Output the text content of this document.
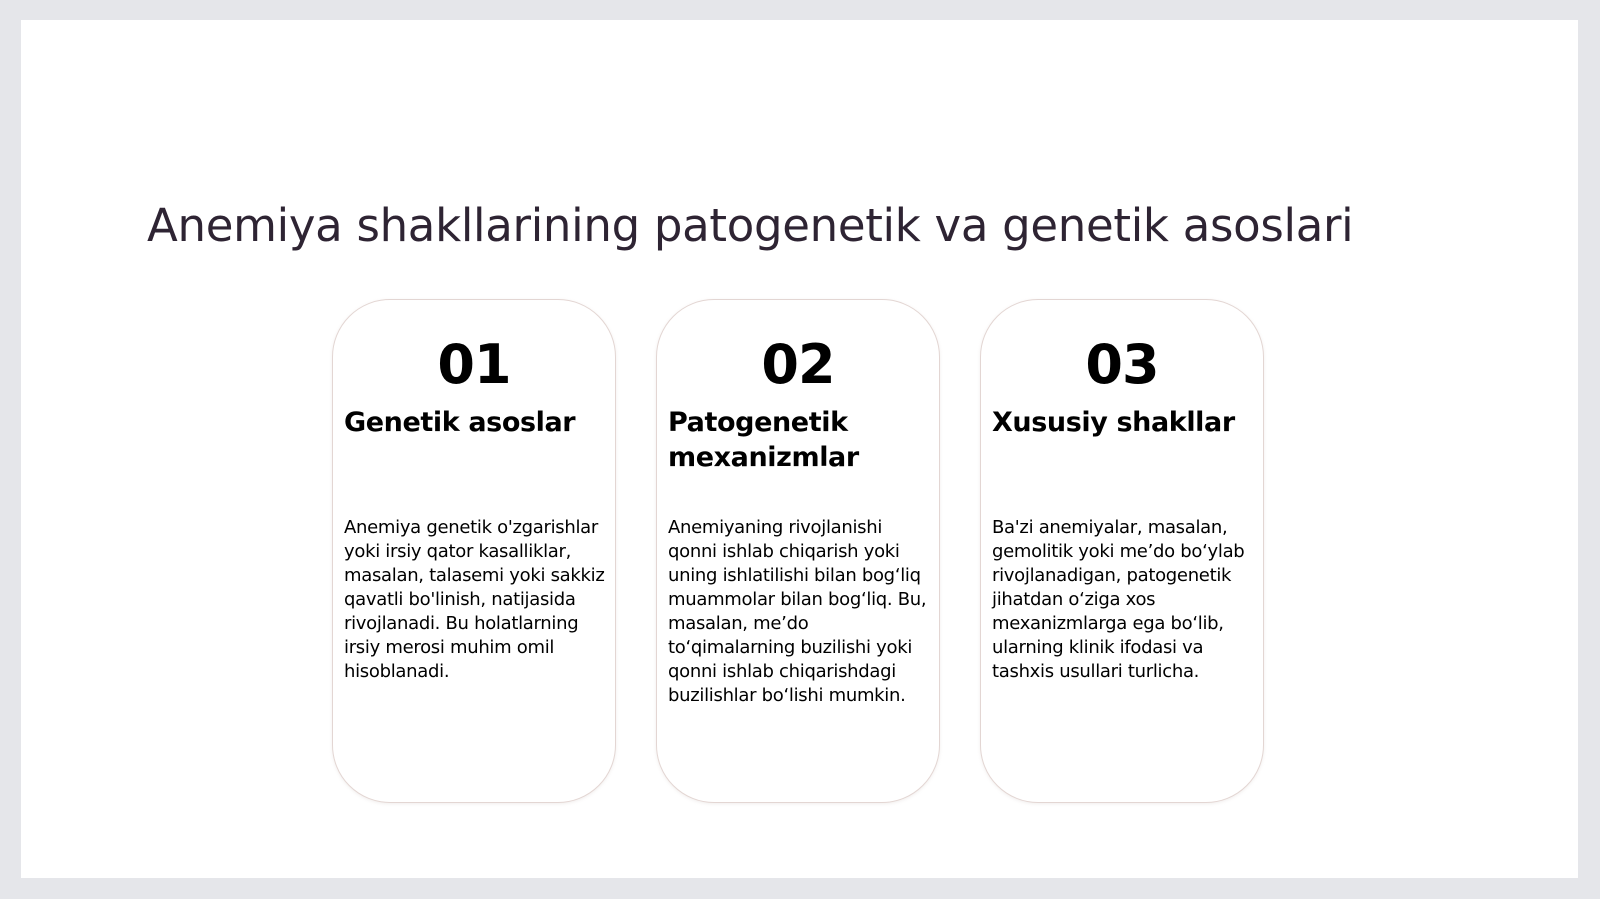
Anemiya shakllarining patogenetik va genetik asoslari
01
Genetik asoslar

Anemiya genetik o'zgarishlar yoki irsiy qator kasalliklar, masalan, talasemi yoki sakkiz qavatli bo'linish, natijasida rivojlanadi. Bu holatlarning irsiy merosi muhim omil hisoblanadi.

02
Patogenetik mexanizmlar

Anemiyaning rivojlanishi qonni ishlab chiqarish yoki uning ishlatilishi bilan bog‘liq muammolar bilan bog‘liq. Bu, masalan, me’do to‘qimalarning buzilishi yoki qonni ishlab chiqarishdagi buzilishlar bo‘lishi mumkin.

03
Xususiy shakllar

Ba'zi anemiyalar, masalan, gemolitik yoki me’do bo‘ylab rivojlanadigan, patogenetik jihatdan o‘ziga xos mexanizmlarga ega bo‘lib, ularning klinik ifodasi va tashxis usullari turlicha.
